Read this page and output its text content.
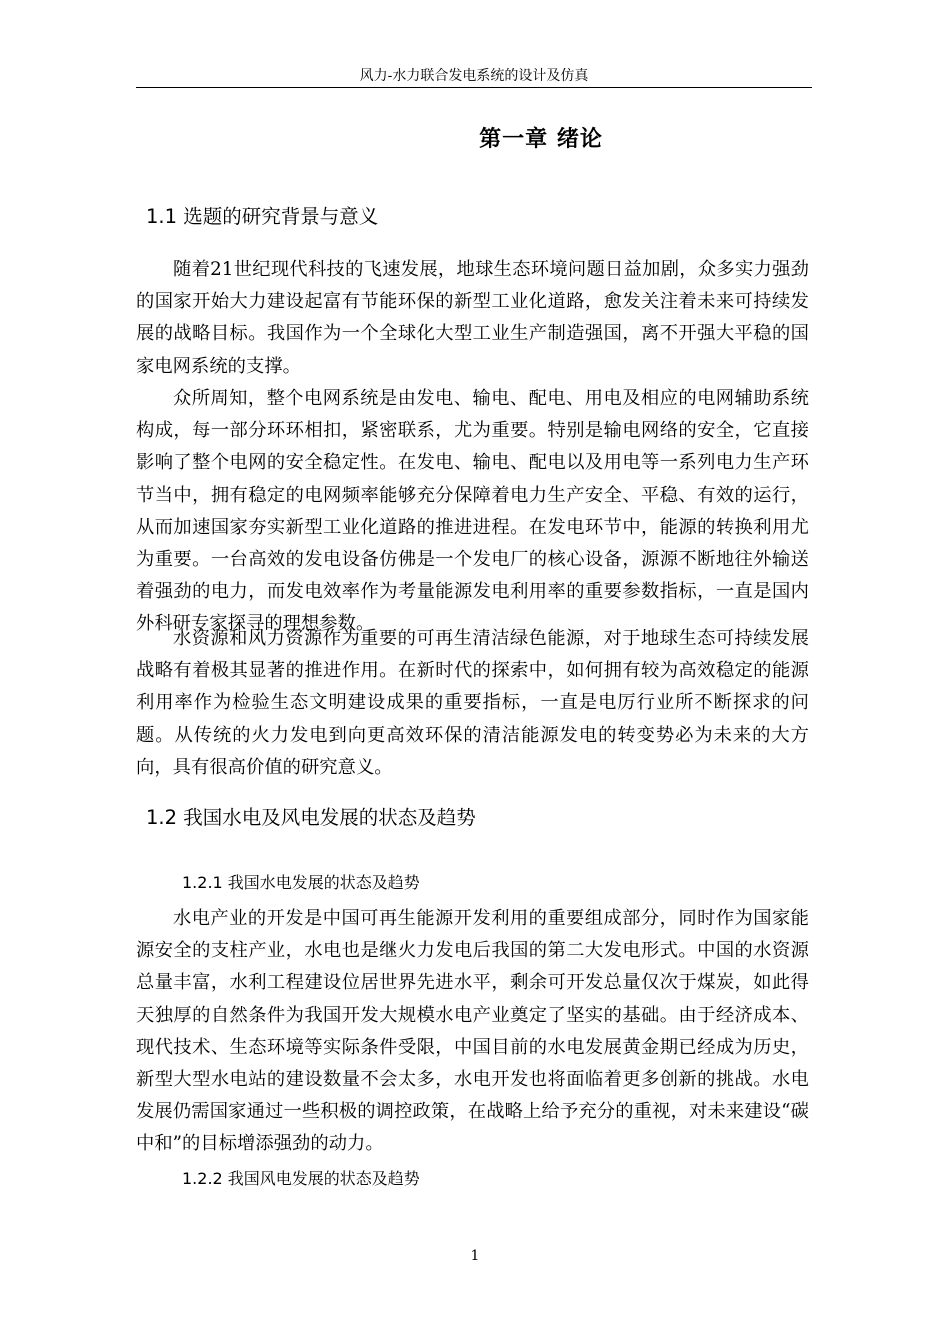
风力-水力联合发电系统的设计及仿真
第一章 绪论
1.1 选题的研究背景与意义

随着21世纪现代科技的飞速发展，地球生态环境问题日益加剧，众多实力强劲的国家开始大力建设起富有节能环保的新型工业化道路，愈发关注着未来可持续发展的战略目标。我国作为一个全球化大型工业生产制造强国，离不开强大平稳的国家电网系统的支撑。

众所周知，整个电网系统是由发电、输电、配电、用电及相应的电网辅助系统构成，每一部分环环相扣，紧密联系，尤为重要。特别是输电网络的安全，它直接影响了整个电网的安全稳定性。在发电、输电、配电以及用电等一系列电力生产环节当中，拥有稳定的电网频率能够充分保障着电力生产安全、平稳、有效的运行，从而加速国家夯实新型工业化道路的推进进程。在发电环节中，能源的转换利用尤为重要。一台高效的发电设备仿佛是一个发电厂的核心设备，源源不断地往外输送着强劲的电力，而发电效率作为考量能源发电利用率的重要参数指标，一直是国内外科研专家探寻的理想参数。

水资源和风力资源作为重要的可再生清洁绿色能源，对于地球生态可持续发展战略有着极其显著的推进作用。在新时代的探索中，如何拥有较为高效稳定的能源利用率作为检验生态文明建设成果的重要指标，一直是电厉行业所不断探求的问题。从传统的火力发电到向更高效环保的清洁能源发电的转变势必为未来的大方向，具有很高价值的研究意义。

1.2 我国水电及风电发展的状态及趋势
1.2.1 我国水电发展的状态及趋势

水电产业的开发是中国可再生能源开发利用的重要组成部分，同时作为国家能源安全的支柱产业，水电也是继火力发电后我国的第二大发电形式。中国的水资源总量丰富，水利工程建设位居世界先进水平，剩余可开发总量仅次于煤炭，如此得天独厚的自然条件为我国开发大规模水电产业奠定了坚实的基础。由于经济成本、现代技术、生态环境等实际条件受限，中国目前的水电发展黄金期已经成为历史，新型大型水电站的建设数量不会太多，水电开发也将面临着更多创新的挑战。水电发展仍需国家通过一些积极的调控政策，在战略上给予充分的重视，对未来建设“碳中和”的目标增添强劲的动力。

1.2.2 我国风电发展的状态及趋势
1
